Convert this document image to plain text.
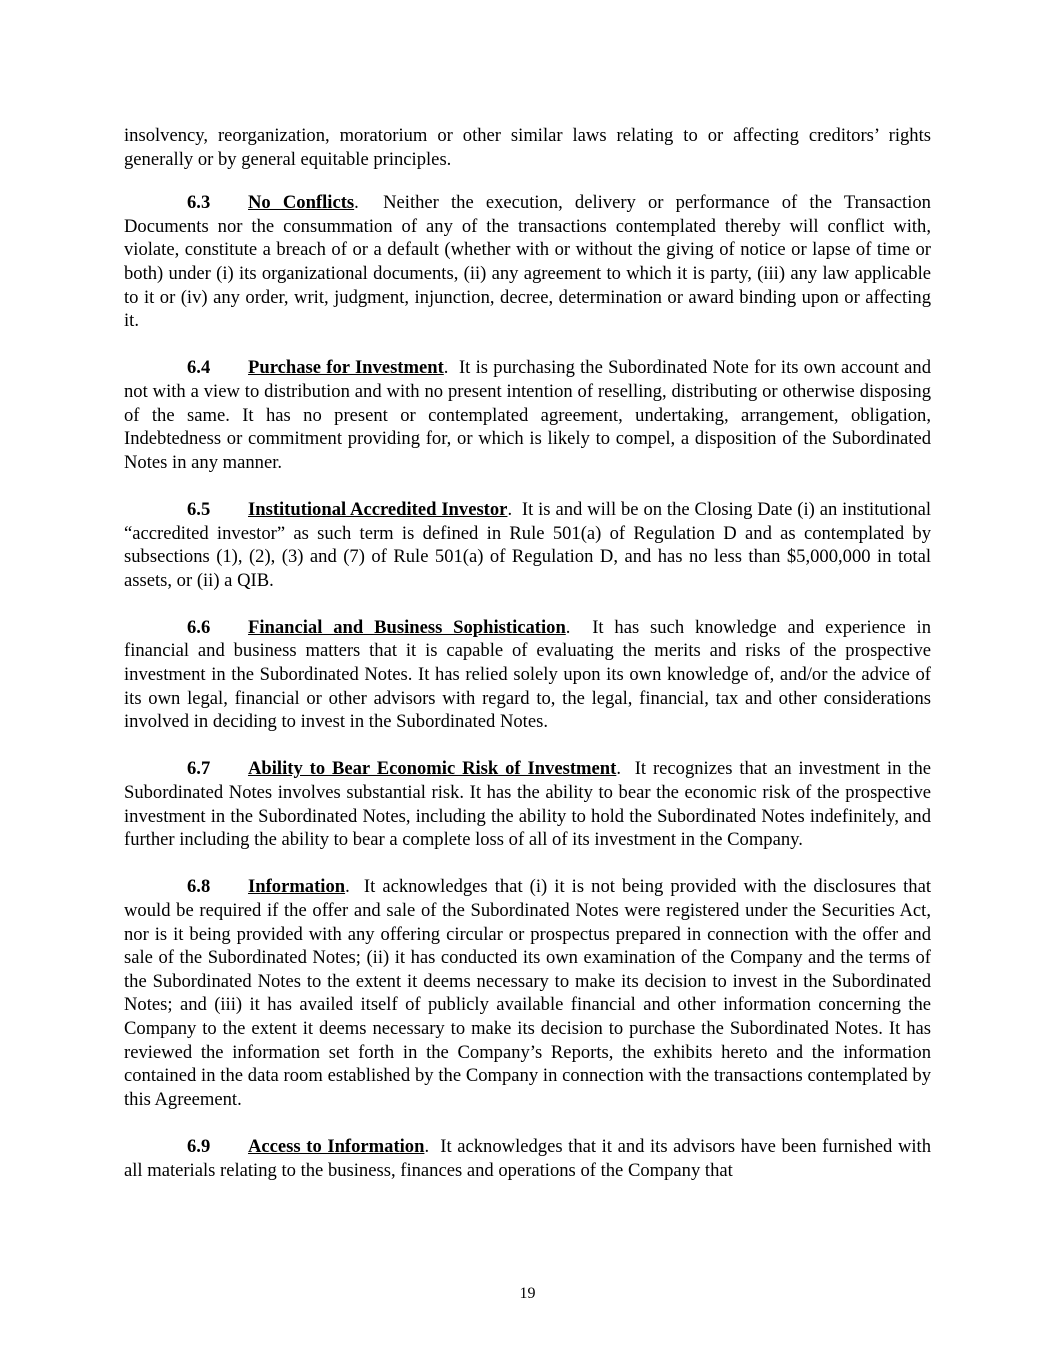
insolvency, reorganization, moratorium or other similar laws relating to or affecting creditors’ rights generally or by general equitable principles.

6.3 No Conflicts. Neither the execution, delivery or performance of the Transaction Documents nor the consummation of any of the transactions contemplated thereby will conflict with, violate, constitute a breach of or a default (whether with or without the giving of notice or lapse of time or both) under (i) its organizational documents, (ii) any agreement to which it is party, (iii) any law applicable to it or (iv) any order, writ, judgment, injunction, decree, determination or award binding upon or affecting it.

6.4 Purchase for Investment. It is purchasing the Subordinated Note for its own account and not with a view to distribution and with no present intention of reselling, distributing or otherwise disposing of the same. It has no present or contemplated agreement, undertaking, arrangement, obligation, Indebtedness or commitment providing for, or which is likely to compel, a disposition of the Subordinated Notes in any manner.

6.5 Institutional Accredited Investor. It is and will be on the Closing Date (i) an institutional “accredited investor” as such term is defined in Rule 501(a) of Regulation D and as contemplated by subsections (1), (2), (3) and (7) of Rule 501(a) of Regulation D, and has no less than $5,000,000 in total assets, or (ii) a QIB.

6.6 Financial and Business Sophistication. It has such knowledge and experience in financial and business matters that it is capable of evaluating the merits and risks of the prospective investment in the Subordinated Notes. It has relied solely upon its own knowledge of, and/or the advice of its own legal, financial or other advisors with regard to, the legal, financial, tax and other considerations involved in deciding to invest in the Subordinated Notes.

6.7 Ability to Bear Economic Risk of Investment. It recognizes that an investment in the Subordinated Notes involves substantial risk. It has the ability to bear the economic risk of the prospective investment in the Subordinated Notes, including the ability to hold the Subordinated Notes indefinitely, and further including the ability to bear a complete loss of all of its investment in the Company.

6.8 Information. It acknowledges that (i) it is not being provided with the disclosures that would be required if the offer and sale of the Subordinated Notes were registered under the Securities Act, nor is it being provided with any offering circular or prospectus prepared in connection with the offer and sale of the Subordinated Notes; (ii) it has conducted its own examination of the Company and the terms of the Subordinated Notes to the extent it deems necessary to make its decision to invest in the Subordinated Notes; and (iii) it has availed itself of publicly available financial and other information concerning the Company to the extent it deems necessary to make its decision to purchase the Subordinated Notes. It has reviewed the information set forth in the Company’s Reports, the exhibits hereto and the information contained in the data room established by the Company in connection with the transactions contemplated by this Agreement.

6.9 Access to Information. It acknowledges that it and its advisors have been furnished with all materials relating to the business, finances and operations of the Company that

19
